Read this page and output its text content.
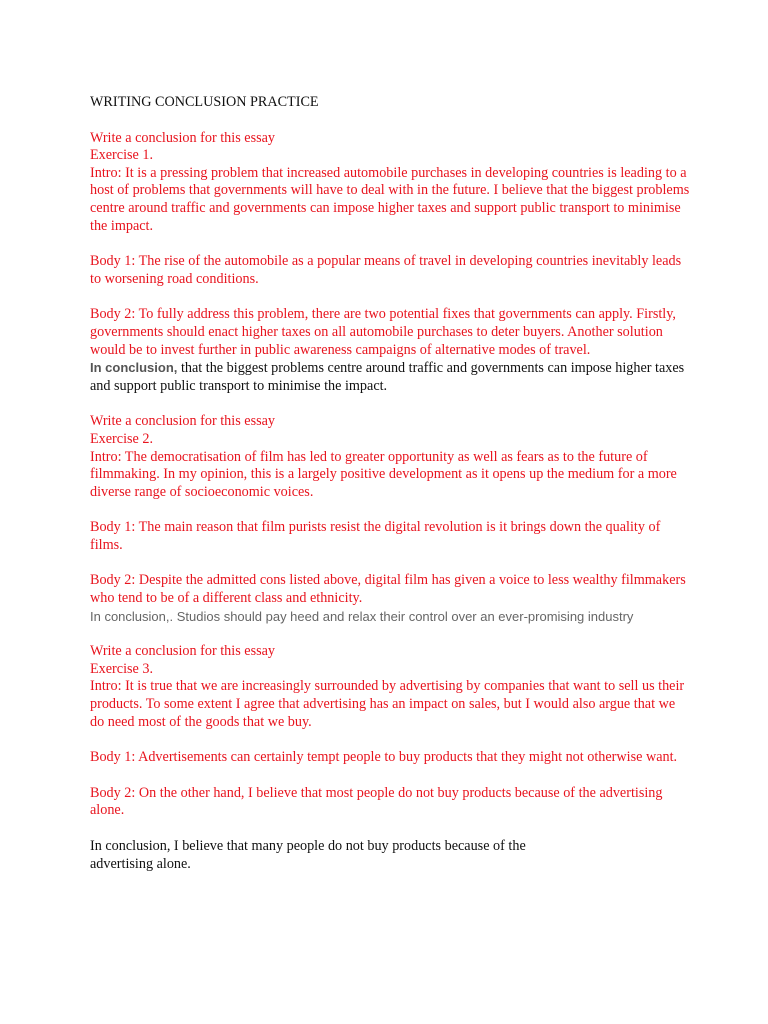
WRITING CONCLUSION PRACTICE

Write a conclusion for this essay

Exercise 1.

Intro: It is a pressing problem that increased automobile purchases in developing countries is leading to a host of problems that governments will have to deal with in the future. I believe that the biggest problems centre around traffic and governments can impose higher taxes and support public transport to minimise the impact.

Body 1: The rise of the automobile as a popular means of travel in developing countries inevitably leads to worsening road conditions.

Body 2: To fully address this problem, there are two potential fixes that governments can apply. Firstly, governments should enact higher taxes on all automobile purchases to deter buyers. Another solution would be to invest further in public awareness campaigns of alternative modes of travel.

In conclusion, that the biggest problems centre around traffic and governments can impose higher taxes and support public transport to minimise the impact.

Write a conclusion for this essay

Exercise 2.

Intro: The democratisation of film has led to greater opportunity as well as fears as to the future of filmmaking. In my opinion, this is a largely positive development as it opens up the medium for a more diverse range of socioeconomic voices.

Body 1: The main reason that film purists resist the digital revolution is it brings down the quality of films.

Body 2: Despite the admitted cons listed above, digital film has given a voice to less wealthy filmmakers who tend to be of a different class and ethnicity.

In conclusion,. Studios should pay heed and relax their control over an ever-promising industry

Write a conclusion for this essay

Exercise 3.

Intro: It is true that we are increasingly surrounded by advertising by companies that want to sell us their products. To some extent I agree that advertising has an impact on sales, but I would also argue that we do need most of the goods that we buy.

Body 1: Advertisements can certainly tempt people to buy products that they might not otherwise want.

Body 2: On the other hand, I believe that most people do not buy products because of the advertising alone.

In conclusion, I believe that many people do not buy products because of the

advertising alone.
